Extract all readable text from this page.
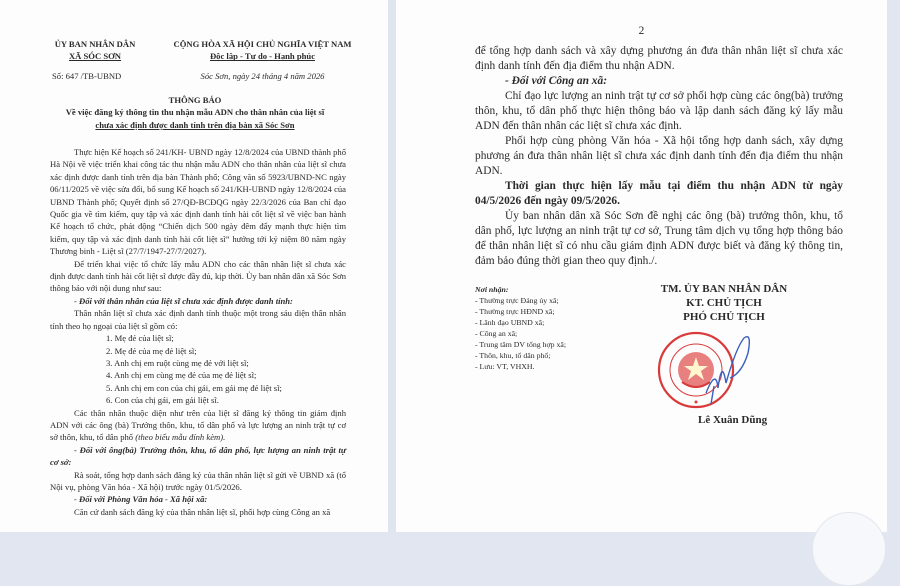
ỦY BAN NHÂN DÂN
XÃ SÓC SƠN
Số: 647 /TB-UBND
CỘNG HÒA XÃ HỘI CHỦ NGHĨA VIỆT NAM
Độc lập - Tự do - Hạnh phúc
Sóc Sơn, ngày 24 tháng 4 năm 2026
THÔNG BÁO
Về việc đăng ký thông tin thu nhận mẫu ADN cho thân nhân của liệt sĩ
chưa xác định được danh tính trên địa bàn xã Sóc Sơn

Thực hiện Kế hoạch số 241/KH- UBND ngày 12/8/2024 của UBND thành phố Hà Nội về việc triển khai công tác thu nhận mẫu ADN cho thân nhân của liệt sĩ chưa xác định được danh tính trên địa bàn Thành phố; Công văn số 5923/UBND-NC ngày 06/11/2025 về việc sửa đổi, bổ sung Kế hoạch số 241/KH-UBND ngày 12/8/2024 của UBND Thành phố; Quyết định số 27/QĐ-BCĐQG ngày 22/3/2026 của Ban chỉ đạo Quốc gia về tìm kiếm, quy tập và xác định danh tính hài cốt liệt sĩ về việc ban hành Kế hoạch tổ chức, phát động “Chiến dịch 500 ngày đêm đẩy mạnh thực hiện tìm kiếm, quy tập và xác định danh tính hài cốt liệt sĩ” hướng tới kỷ niệm 80 năm ngày Thương binh - Liệt sĩ (27/7/1947-27/7/2027).

Để triển khai việc tổ chức lấy mẫu ADN cho các thân nhân liệt sĩ chưa xác định được danh tính hài cốt liệt sĩ được đầy đủ, kịp thời. Ủy ban nhân dân xã Sóc Sơn thông báo với nội dung như sau:

- Đối với thân nhân của liệt sĩ chưa xác định được danh tính:

Thân nhân liệt sĩ chưa xác định danh tính thuộc một trong sáu diện thân nhân tính theo họ ngoại của liệt sĩ gồm có:

1. Mẹ đẻ của liệt sĩ;

2. Mẹ đẻ của mẹ đẻ liệt sĩ;

3. Anh chị em ruột cùng mẹ đẻ với liệt sĩ;

4. Anh chị em cùng mẹ đẻ của mẹ đẻ liệt sĩ;

5. Anh chị em con của chị gái, em gái mẹ đẻ liệt sĩ;

6. Con của chị gái, em gái liệt sĩ.

Các thân nhân thuộc diện như trên của liệt sĩ đăng ký thông tin giám định ADN với các ông (bà) Trưởng thôn, khu, tổ dân phố và lực lượng an ninh trật tự cơ sở thôn, khu, tổ dân phố (theo biểu mẫu đính kèm).

- Đối với ông(bà) Trưởng thôn, khu, tổ dân phố, lực lượng an ninh trật tự cơ sở:

Rà soát, tổng hợp danh sách đăng ký của thân nhân liệt sĩ gửi về UBND xã (tổ Nội vụ, phòng Văn hóa - Xã hội) trước ngày 01/5/2026.

- Đối với Phòng Văn hóa - Xã hội xã:

Căn cứ danh sách đăng ký của thân nhân liệt sĩ, phối hợp cùng Công an xã

2

để tổng hợp danh sách và xây dựng phương án đưa thân nhân liệt sĩ chưa xác định danh tính đến địa điểm thu nhận ADN.

- Đối với Công an xã:

Chỉ đạo lực lượng an ninh trật tự cơ sở phối hợp cùng các ông(bà) trưởng thôn, khu, tổ dân phố thực hiện thông báo và lập danh sách đăng ký lấy mẫu ADN đến thân nhân các liệt sĩ chưa xác định.

Phối hợp cùng phòng Văn hóa - Xã hội tổng hợp danh sách, xây dựng phương án đưa thân nhân liệt sĩ chưa xác định danh tính đến địa điểm thu nhận ADN.

Thời gian thực hiện lấy mẫu tại điểm thu nhận ADN từ ngày 04/5/2026 đến ngày 09/5/2026.

Ủy ban nhân dân xã Sóc Sơn đề nghị các ông (bà) trưởng thôn, khu, tổ dân phố, lực lượng an ninh trật tự cơ sở, Trung tâm dịch vụ tổng hợp thông báo để thân nhân liệt sĩ có nhu cầu giám định ADN được biết và đăng ký thông tin, đảm bảo đúng thời gian theo quy định./.

Nơi nhận:
- Thường trực Đảng ủy xã;
- Thường trực HĐND xã;
- Lãnh đạo UBND xã;
- Công an xã;
- Trung tâm DV tổng hợp xã;
- Thôn, khu, tổ dân phố;
- Lưu: VT, VHXH.
TM. ỦY BAN NHÂN DÂN
KT. CHỦ TỊCH
PHÓ CHỦ TỊCH
Lê Xuân Dũng
